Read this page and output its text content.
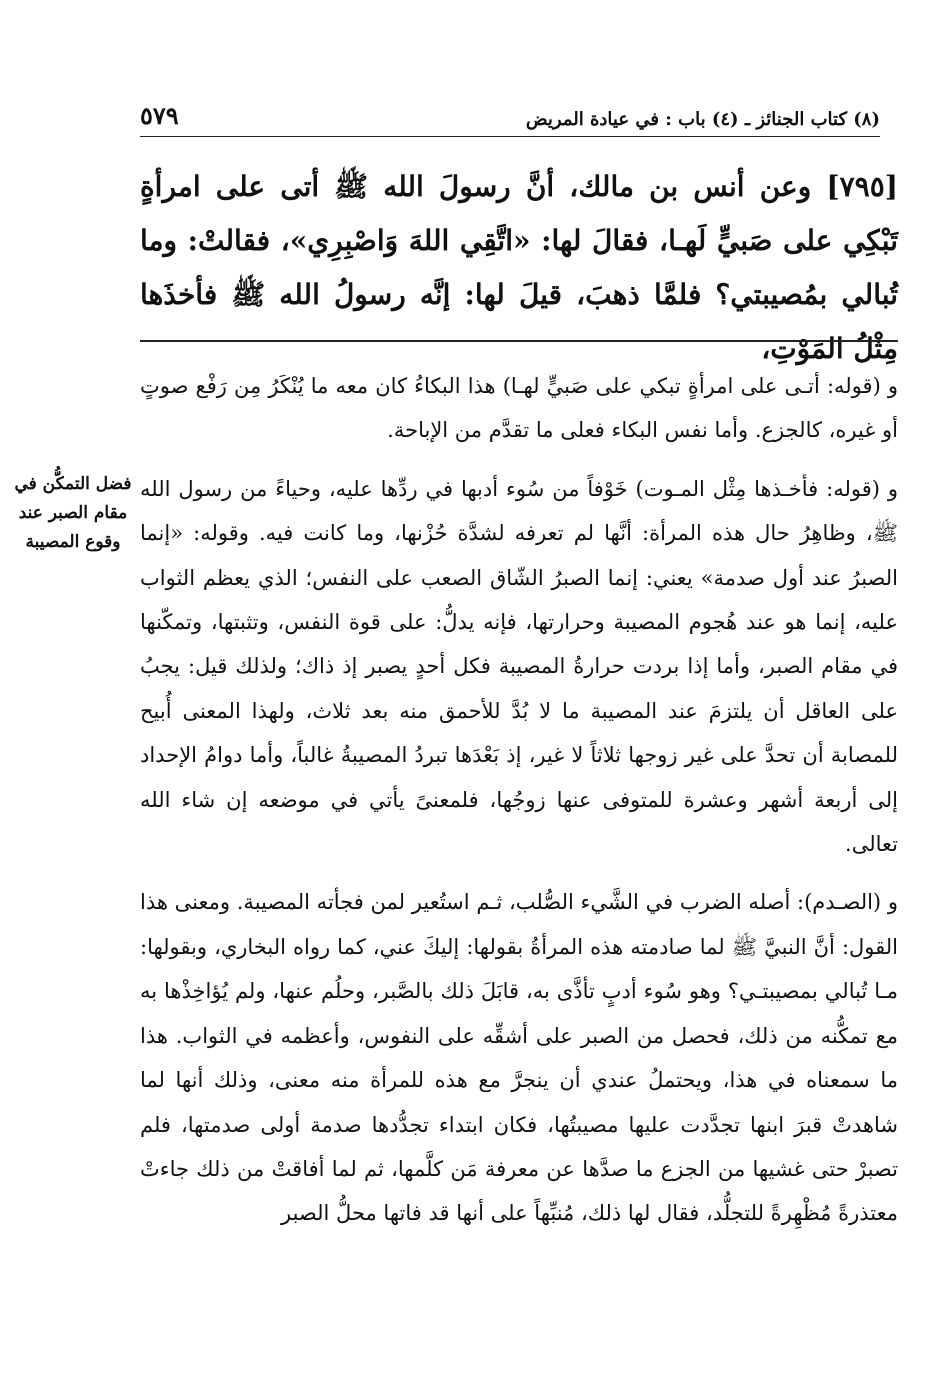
٥٧٩	(٨) كتاب الجنائز ـ (٤) باب : في عيادة المريض

[٧٩٥] وعن أنس بن مالك، أنَّ رسولَ الله ﷺ أتى على امرأةٍ تَبْكِي على صَبيٍّ لَهـا، فقالَ لها: «اتَّقِي اللهَ وَاصْبِرِي»، فقالتْ: وما تُبالي بمُصيبتي؟ فلمَّا ذهبَ، قيلَ لها: إنَّه رسولُ الله ﷺ فأخذَها مِثْلُ المَوْتِ،

فضل التمكُّن في مقام الصبر عند وقوع المصيبة

و (قوله: أتـى على امرأةٍ تبكي على صَبيٍّ لهـا) هذا البكاءُ كان معه ما يُنْكَرُ مِن رَفْع صوتٍ أو غيره، كالجزع. وأما نفس البكاء فعلى ما تقدَّم من الإباحة.

و (قوله: فأخـذها مِثْل المـوت) خَوْفاً من سُوء أدبها في ردِّها عليه، وحياءً من رسول الله ﷺ، وظاهِرُ حال هذه المرأة: أنَّها لم تعرفه لشدَّة حُزْنها، وما كانت فيه. وقوله: «إنما الصبرُ عند أول صدمة» يعني: إنما الصبرُ الشّاق الصعب على النفس؛ الذي يعظم الثواب عليه، إنما هو عند هُجوم المصيبة وحرارتها، فإنه يدلُّ: على قوة النفس، وتثبتها، وتمكّنها في مقام الصبر، وأما إذا بردت حرارةُ المصيبة فكل أحدٍ يصبر إذ ذاك؛ ولذلك قيل: يجبُ على العاقل أن يلتزمَ عند المصيبة ما لا بُدَّ للأحمق منه بعد ثلاث، ولهذا المعنى أُبيح للمصابة أن تحدَّ على غير زوجها ثلاثاً لا غير، إذ بَعْدَها تبردُ المصيبةُ غالباً، وأما دوامُ الإحداد إلى أربعة أشهر وعشرة للمتوفى عنها زوجُها، فلمعنىً يأتي في موضعه إن شاء الله تعالى.

و (الصـدم): أصله الضرب في الشَّيء الصُّلب، ثـم استُعير لمن فجأته المصيبة. ومعنى هذا القول: أنَّ النبيَّ ﷺ لما صادمته هذه المرأةُ بقولها: إليكَ عني، كما رواه البخاري، وبقولها: مـا تُبالي بمصيبتـي؟ وهو سُوء أدبٍ تأذَّى به، قابَلَ ذلك بالصَّبر، وحلُم عنها، ولم يُؤاخِذْها به مع تمكُّنه من ذلك، فحصل من الصبر على أشقِّه على النفوس، وأعظمه في الثواب. هذا ما سمعناه في هذا، ويحتملُ عندي أن ينجرَّ مع هذه للمرأة منه معنى، وذلك أنها لما شاهدتْ قبرَ ابنها تجدَّدت عليها مصيبتُها، فكان ابتداء تجدُّدها صدمة أولى صدمتها، فلم تصبرْ حتى غشيها من الجزع ما صدَّها عن معرفة مَن كلَّمها، ثم لما أفاقتْ من ذلك جاءتْ معتذرةً مُظْهِرةً للتجلُّد، فقال لها ذلك، مُنبِّهاً على أنها قد فاتها محلُّ الصبر
